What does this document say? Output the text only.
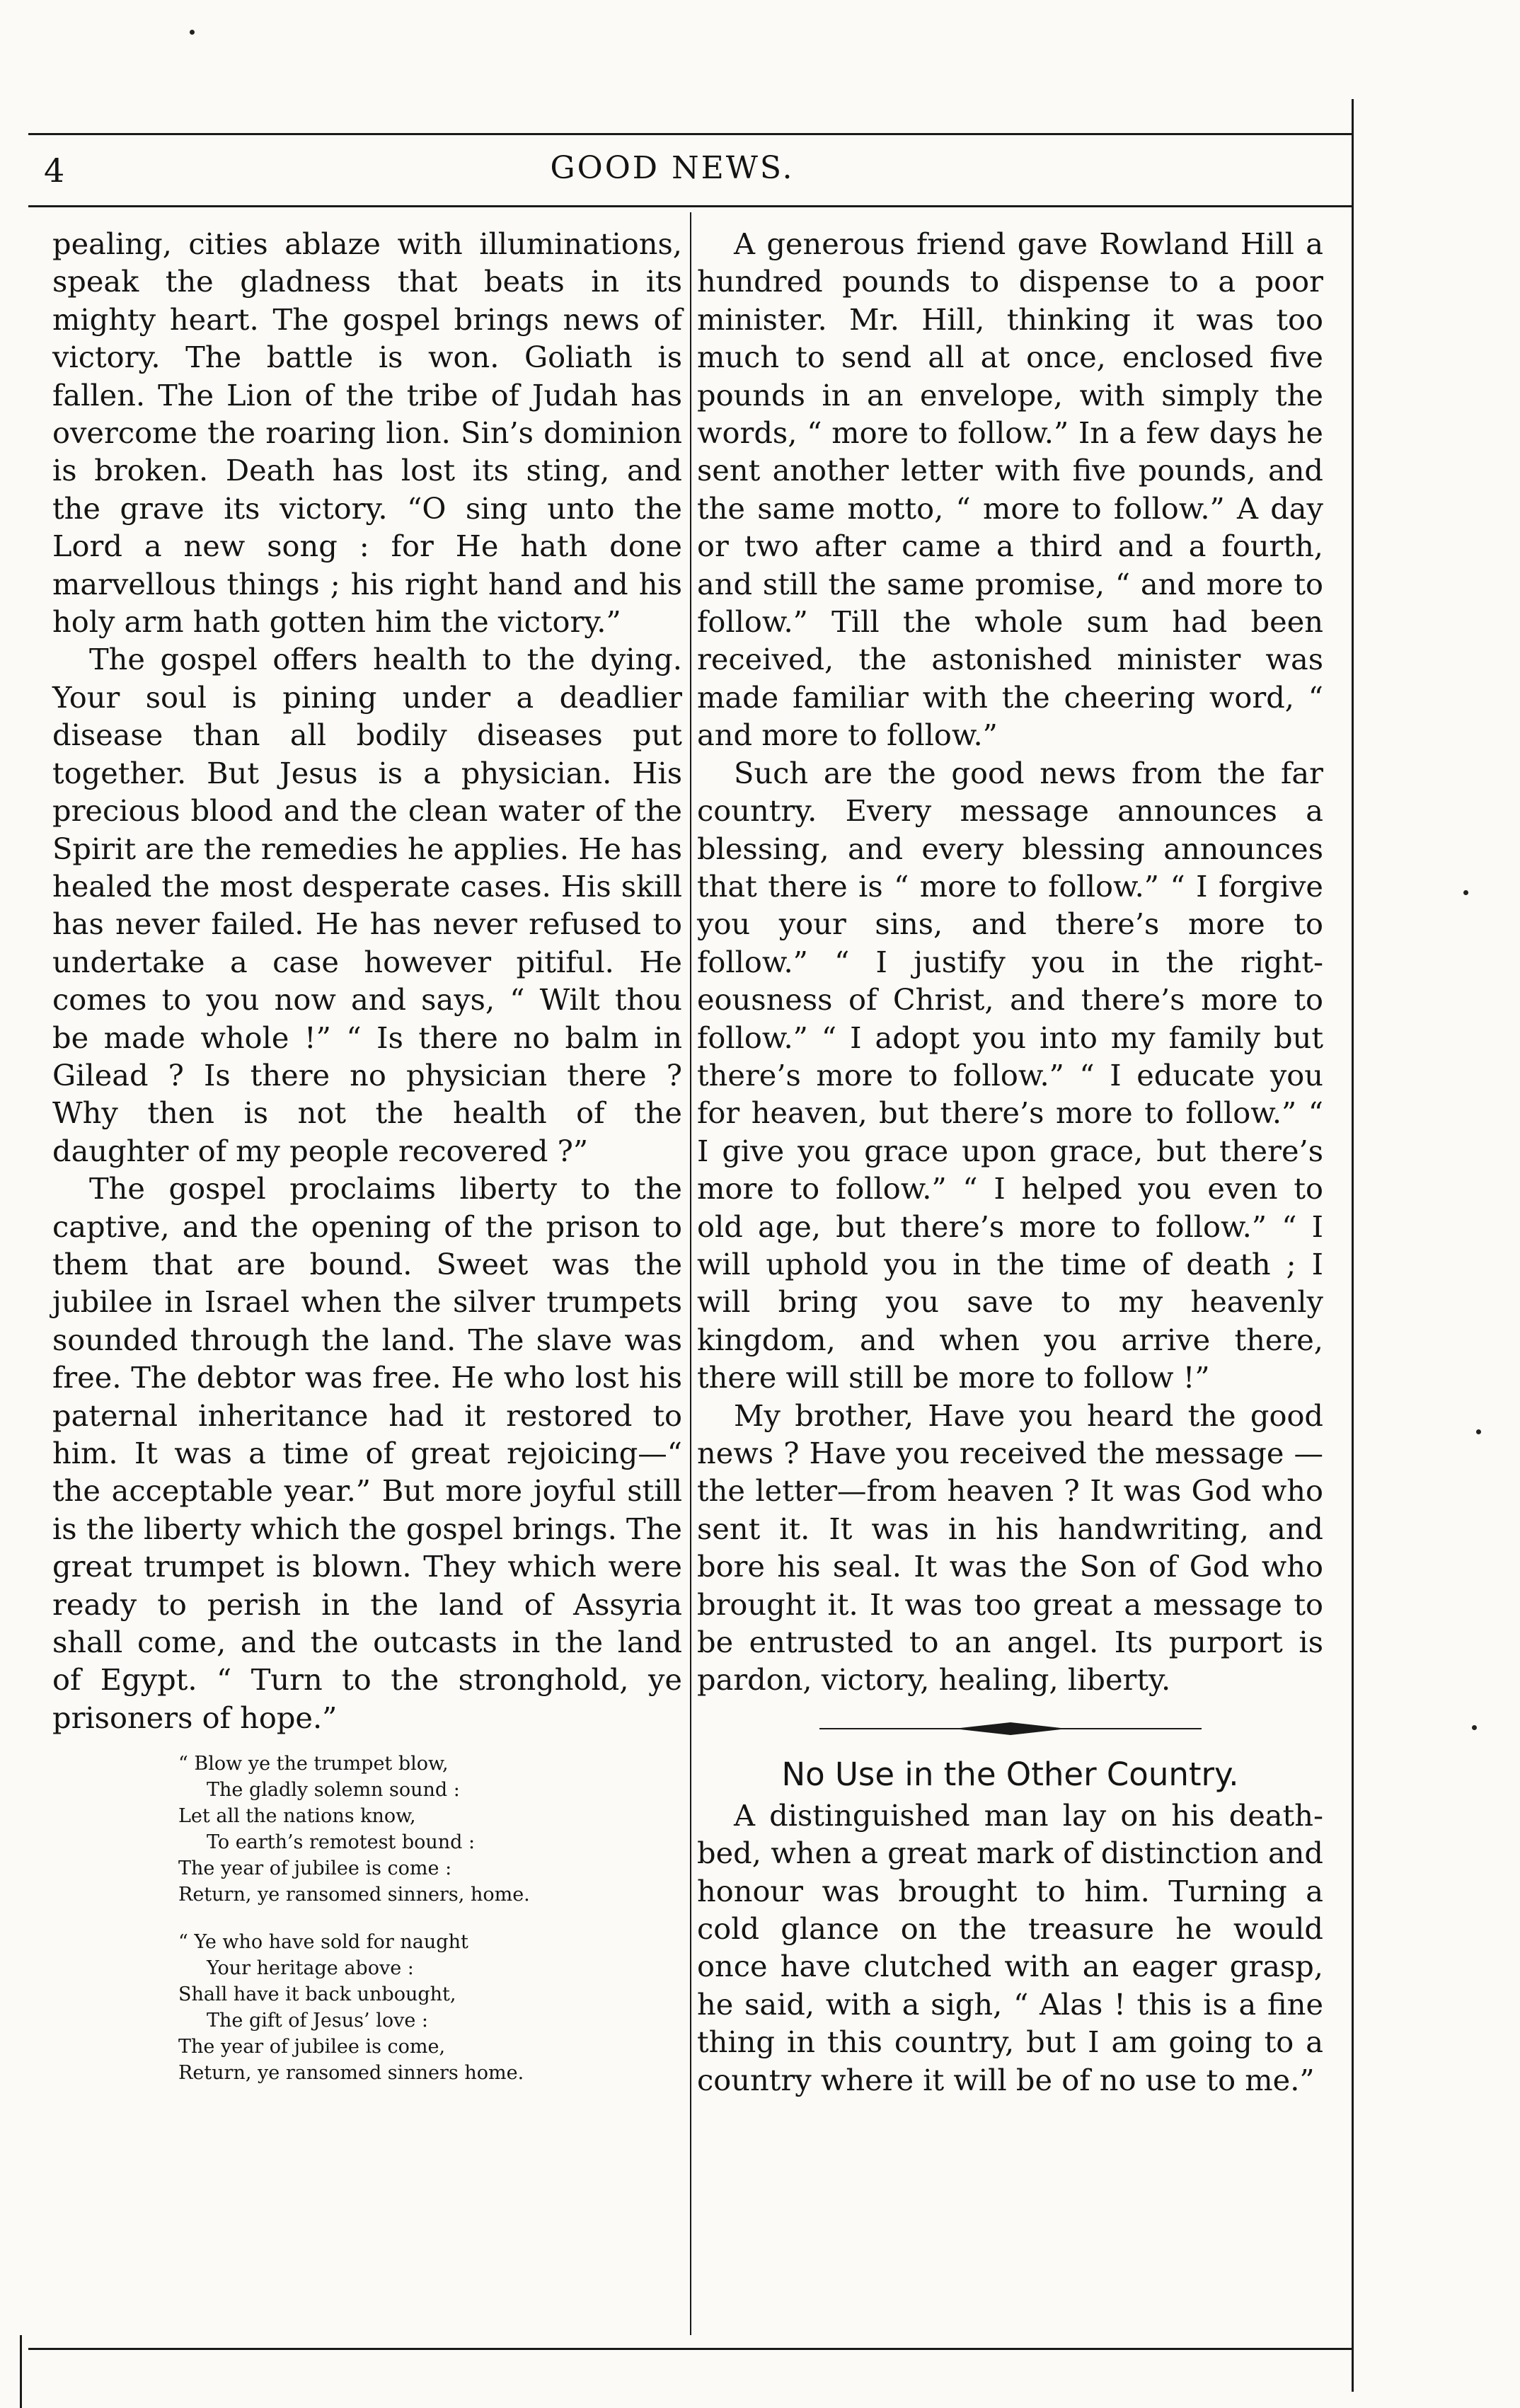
4	GOOD NEWS.

pealing, cities ablaze with illuminations, speak the gladness that beats in its mighty heart. The gospel brings news of victory. The battle is won. Goliath is fallen. The Lion of the tribe of Judah has overcome the roaring lion. Sin’s dominion is broken. Death has lost its sting, and the grave its victory. “O sing unto the Lord a new song : for He hath done marvellous things ; his right hand and his holy arm hath gotten him the victory.”

The gospel offers health to the dying. Your soul is pining under a deadlier disease than all bodily diseases put together. But Jesus is a physician. His precious blood and the clean water of the Spirit are the remedies he applies. He has healed the most desperate cases. His skill has never failed. He has never refused to undertake a case however pitiful. He comes to you now and says, “ Wilt thou be made whole !” “ Is there no balm in Gilead ? Is there no physician there ? Why then is not the health of the daughter of my people recovered ?”

The gospel proclaims liberty to the captive, and the opening of the prison to them that are bound. Sweet was the jubilee in Israel when the silver trumpets sounded through the land. The slave was free. The debtor was free. He who lost his paternal inheritance had it restored to him. It was a time of great rejoicing—“ the acceptable year.” But more joyful still is the liberty which the gospel brings. The great trumpet is blown. They which were ready to perish in the land of Assyria shall come, and the outcasts in the land of Egypt. “ Turn to the stronghold, ye prisoners of hope.”

“ Blow ye the trumpet blow,
The gladly solemn sound :
Let all the nations know,
To earth’s remotest bound :
The year of jubilee is come :
Return, ye ransomed sinners, home.
“ Ye who have sold for naught
Your heritage above :
Shall have it back unbought,
The gift of Jesus’ love :
The year of jubilee is come,
Return, ye ransomed sinners home.

A generous friend gave Rowland Hill a hundred pounds to dispense to a poor minister. Mr. Hill, thinking it was too much to send all at once, enclosed five pounds in an envelope, with simply the words, “ more to follow.” In a few days he sent another letter with five pounds, and the same motto, “ more to follow.” A day or two after came a third and a fourth, and still the same promise, “ and more to follow.” Till the whole sum had been received, the astonished minister was made familiar with the cheering word, “ and more to follow.”

Such are the good news from the far country. Every message announces a blessing, and every blessing announces that there is “ more to follow.” “ I forgive you your sins, and there’s more to follow.” “ I justify you in the righteousness of Christ, and there’s more to follow.” “ I adopt you into my family but there’s more to follow.” “ I educate you for heaven, but there’s more to follow.” “ I give you grace upon grace, but there’s more to follow.” “ I helped you even to old age, but there’s more to follow.” “ I will uphold you in the time of death ; I will bring you save to my heavenly kingdom, and when you arrive there, there will still be more to follow !”

My brother, Have you heard the good news ? Have you received the message —the letter—from heaven ? It was God who sent it. It was in his handwriting, and bore his seal. It was the Son of God who brought it. It was too great a message to be entrusted to an angel. Its purport is pardon, victory, healing, liberty.

No Use in the Other Country.

A distinguished man lay on his deathbed, when a great mark of distinction and honour was brought to him. Turning a cold glance on the treasure he would once have clutched with an eager grasp, he said, with a sigh, “ Alas ! this is a fine thing in this country, but I am going to a country where it will be of no use to me.”
